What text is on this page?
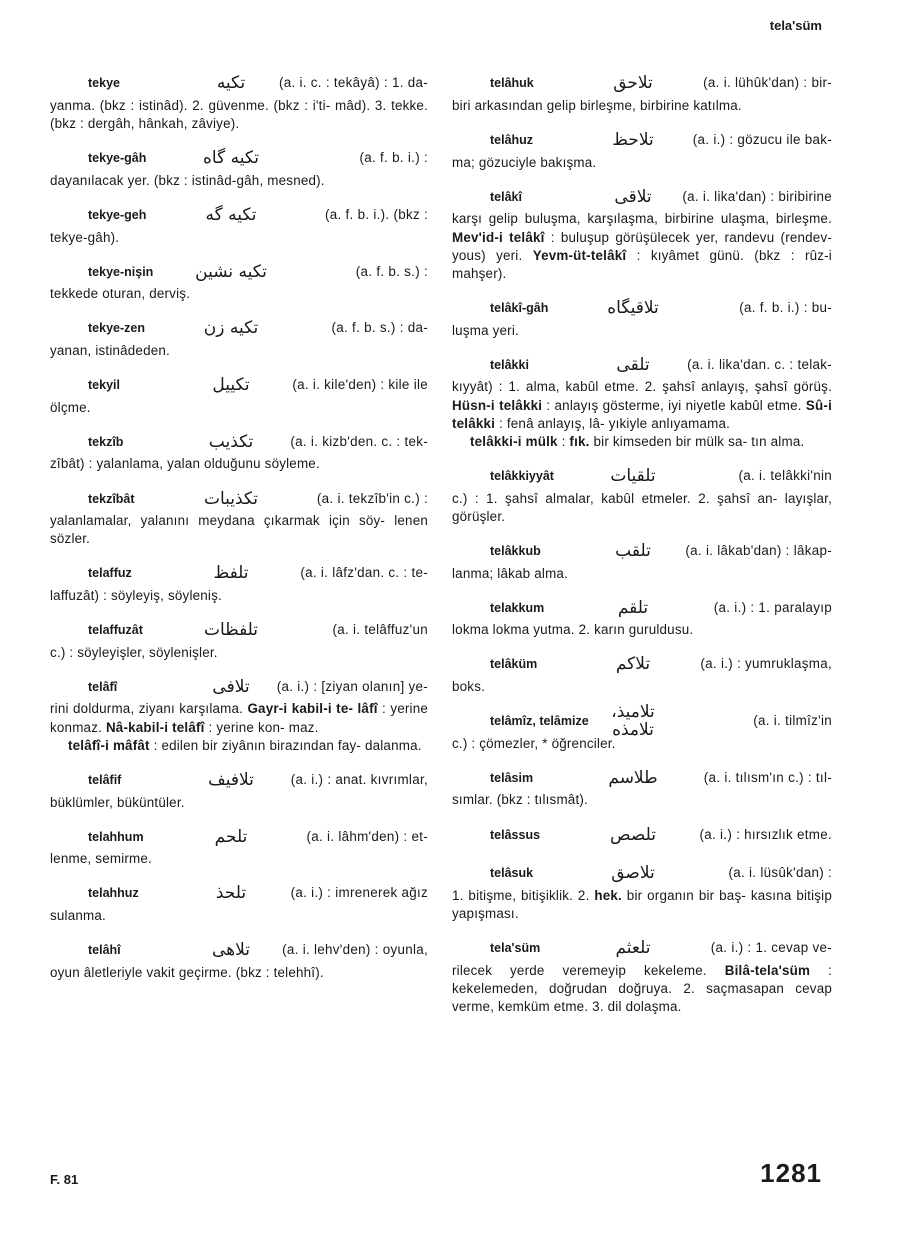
tela'süm
tekye	تكيه	(a. i. c. : tekâyâ) : 1. da-
yanma. (bkz : istinâd). 2. güvenme. (bkz : i'ti- mâd). 3. tekke. (bkz : dergâh, hânkah, zâviye).
tekye-gâh	تكيه گاه	(a. f. b. i.) :
dayanılacak yer. (bkz : istinâd-gâh, mesned).
tekye-geh	تكيه گه	(a. f. b. i.). (bkz :
tekye-gâh).
tekye-nişin	تكيه نشين	(a. f. b. s.) :
tekkede oturan, derviş.
tekye-zen	تكيه زن	(a. f. b. s.) : da-
yanan, istinâdeden.
tekyil	تكييل	(a. i. kile'den) : kile ile
ölçme.
tekzîb	تكذيب	(a. i. kizb'den. c. : tek-
zîbât) : yalanlama, yalan olduğunu söyleme.
tekzîbât	تكذيبات	(a. i. tekzîb'in c.) :
yalanlamalar, yalanını meydana çıkarmak için söy- lenen sözler.
telaffuz	تلفظ	(a. i. lâfz'dan. c. : te-
laffuzât) : söyleyiş, söyleniş.
telaffuzât	تلفظات	(a. i. telâffuz'un
c.) : söyleyişler, söylenişler.
telâfî	تلافى	(a. i.) : [ziyan olanın] ye-
rini doldurma, ziyanı karşılama. Gayr-i kabil-i te- lâfî : yerine konmaz. Nâ-kabil-i telâfî : yerine kon- maz.
telâfî-i mâfât : edilen bir ziyânın birazından fay- dalanma.
telâfif	تلافيف	(a. i.) : anat. kıvrımlar,
büklümler, büküntüler.
telahhum	تلحم	(a. i. lâhm'den) : et-
lenme, semirme.
telahhuz	تلحذ	(a. i.) : imrenerek ağız
sulanma.
telâhî	تلاهى	(a. i. lehv'den) : oyunla,
oyun âletleriyle vakit geçirme. (bkz : telehhî).
telâhuk	تلاحق	(a. i. lühûk'dan) : bir-
biri arkasından gelip birleşme, birbirine katılma.
telâhuz	تلاحظ	(a. i.) : gözucu ile bak-
ma; gözuciyle bakışma.
telâkî	تلاقى	(a. i. lika'dan) : biribirine
karşı gelip buluşma, karşılaşma, birbirine ulaşma, birleşme. Mev'id-i telâkî : buluşup görüşülecek yer, randevu (rendev-yous) yeri. Yevm-üt-telâkî : kıyâmet günü. (bkz : rûz-i mahşer).
telâkî-gâh	تلاقيگاه	(a. f. b. i.) : bu-
luşma yeri.
telâkki	تلقى	(a. i. lika'dan. c. : telak-
kıyyât) : 1. alma, kabûl etme. 2. şahsî anlayış, şahsî görüş. Hüsn-i telâkki : anlayış gösterme, iyi niyetle kabûl etme. Sû-i telâkki : fenâ anlayış, lâ- yıkiyle anlıyamama.
telâkki-i mülk : fık. bir kimseden bir mülk sa- tın alma.
telâkkiyyât	تلقيات	(a. i. telâkki'nin
c.) : 1. şahsî almalar, kabûl etmeler. 2. şahsî an- layışlar, görüşler.
telâkkub	تلقب	(a. i. lâkab'dan) : lâkap-
lanma; lâkab alma.
telakkum	تلقم	(a. i.) : 1. paralayıp
lokma lokma yutma. 2. karın guruldusu.
telâküm	تلاكم	(a. i.) : yumruklaşma,
boks.
telâmîz, telâmize	تلاميذ، تلامذه	(a. i. tilmîz'in
c.) : çömezler, * öğrenciler.
telâsim	طلاسم	(a. i. tılısm'ın c.) : tıl-
sımlar. (bkz : tılısmât).
telâssus	تلصص	(a. i.) : hırsızlık etme.
telâsuk	تلاصق	(a. i. lüsûk'dan) :
1. bitişme, bitişiklik. 2. hek. bir organın bir baş- kasına bitişip yapışması.
tela'süm	تلعثم	(a. i.) : 1. cevap ve-
rilecek yerde veremeyip kekeleme. Bilâ-tela'süm : kekelemeden, doğrudan doğruya. 2. saçmasapan cevap verme, kemküm etme. 3. dil dolaşma.
F. 81	1281
